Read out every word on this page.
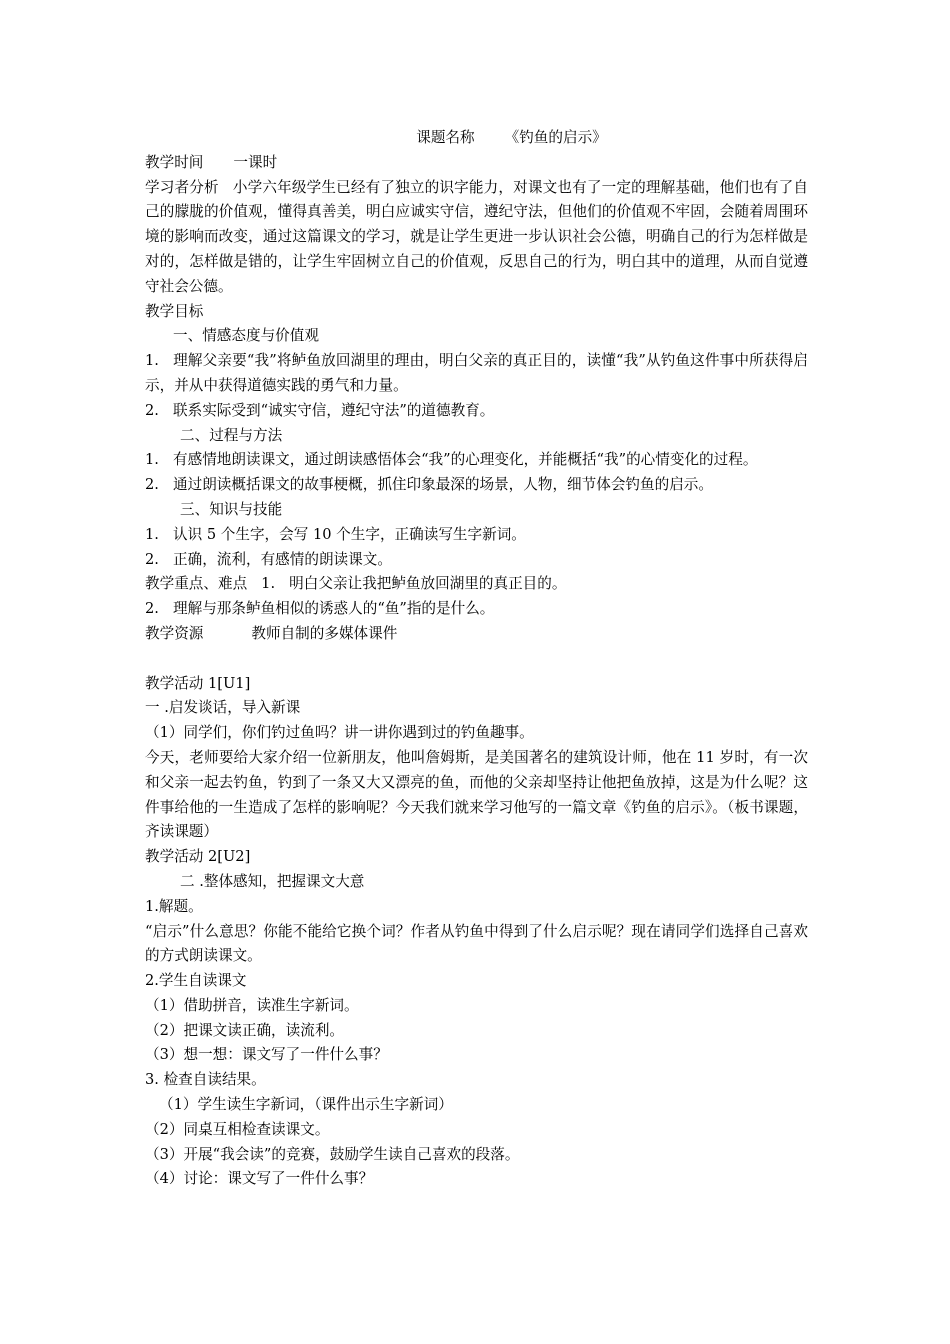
课题名称 《钓鱼的启示》
教学时间 一课时
学习者分析 小学六年级学生已经有了独立的识字能力，对课文也有了一定的理解基础，他们也有了自己的朦胧的价值观，懂得真善美，明白应诚实守信，遵纪守法，但他们的价值观不牢固，会随着周围环境的影响而改变，通过这篇课文的学习，就是让学生更进一步认识社会公德，明确自己的行为怎样做是对的，怎样做是错的，让学生牢固树立自己的价值观，反思自己的行为，明白其中的道理，从而自觉遵守社会公德。
教学目标
一、情感态度与价值观
1. 理解父亲要“我”将鲈鱼放回湖里的理由，明白父亲的真正目的，读懂“我”从钓鱼这件事中所获得启示，并从中获得道德实践的勇气和力量。
2. 联系实际受到“诚实守信，遵纪守法”的道德教育。
二、过程与方法
1. 有感情地朗读课文，通过朗读感悟体会“我”的心理变化，并能概括“我”的心情变化的过程。
2. 通过朗读概括课文的故事梗概，抓住印象最深的场景，人物，细节体会钓鱼的启示。
三、知识与技能
1. 认识 5 个生字，会写 10 个生字，正确读写生字新词。
2. 正确，流利，有感情的朗读课文。
教学重点、难点 1. 明白父亲让我把鲈鱼放回湖里的真正目的。
2. 理解与那条鲈鱼相似的诱惑人的“鱼”指的是什么。
教学资源	教师自制的多媒体课件
教学活动 1[U1]
一 .启发谈话，导入新课
（1）同学们，你们钓过鱼吗？讲一讲你遇到过的钓鱼趣事。
今天，老师要给大家介绍一位新朋友，他叫詹姆斯，是美国著名的建筑设计师，他在 11 岁时，有一次和父亲一起去钓鱼，钓到了一条又大又漂亮的鱼，而他的父亲却坚持让他把鱼放掉，这是为什么呢？这件事给他的一生造成了怎样的影响呢？今天我们就来学习他写的一篇文章《钓鱼的启示》。（板书课题，齐读课题）
教学活动 2[U2]
二 .整体感知，把握课文大意
1.解题。
“启示”什么意思？你能不能给它换个词？作者从钓鱼中得到了什么启示呢？现在请同学们选择自己喜欢的方式朗读课文。
2.学生自读课文
（1）借助拼音，读准生字新词。
（2）把课文读正确，读流利。
（3）想一想：课文写了一件什么事？
3. 检查自读结果。
（1）学生读生字新词，（课件出示生字新词）
（2）同桌互相检查读课文。
（3）开展“我会读”的竞赛，鼓励学生读自己喜欢的段落。
（4）讨论：课文写了一件什么事？
